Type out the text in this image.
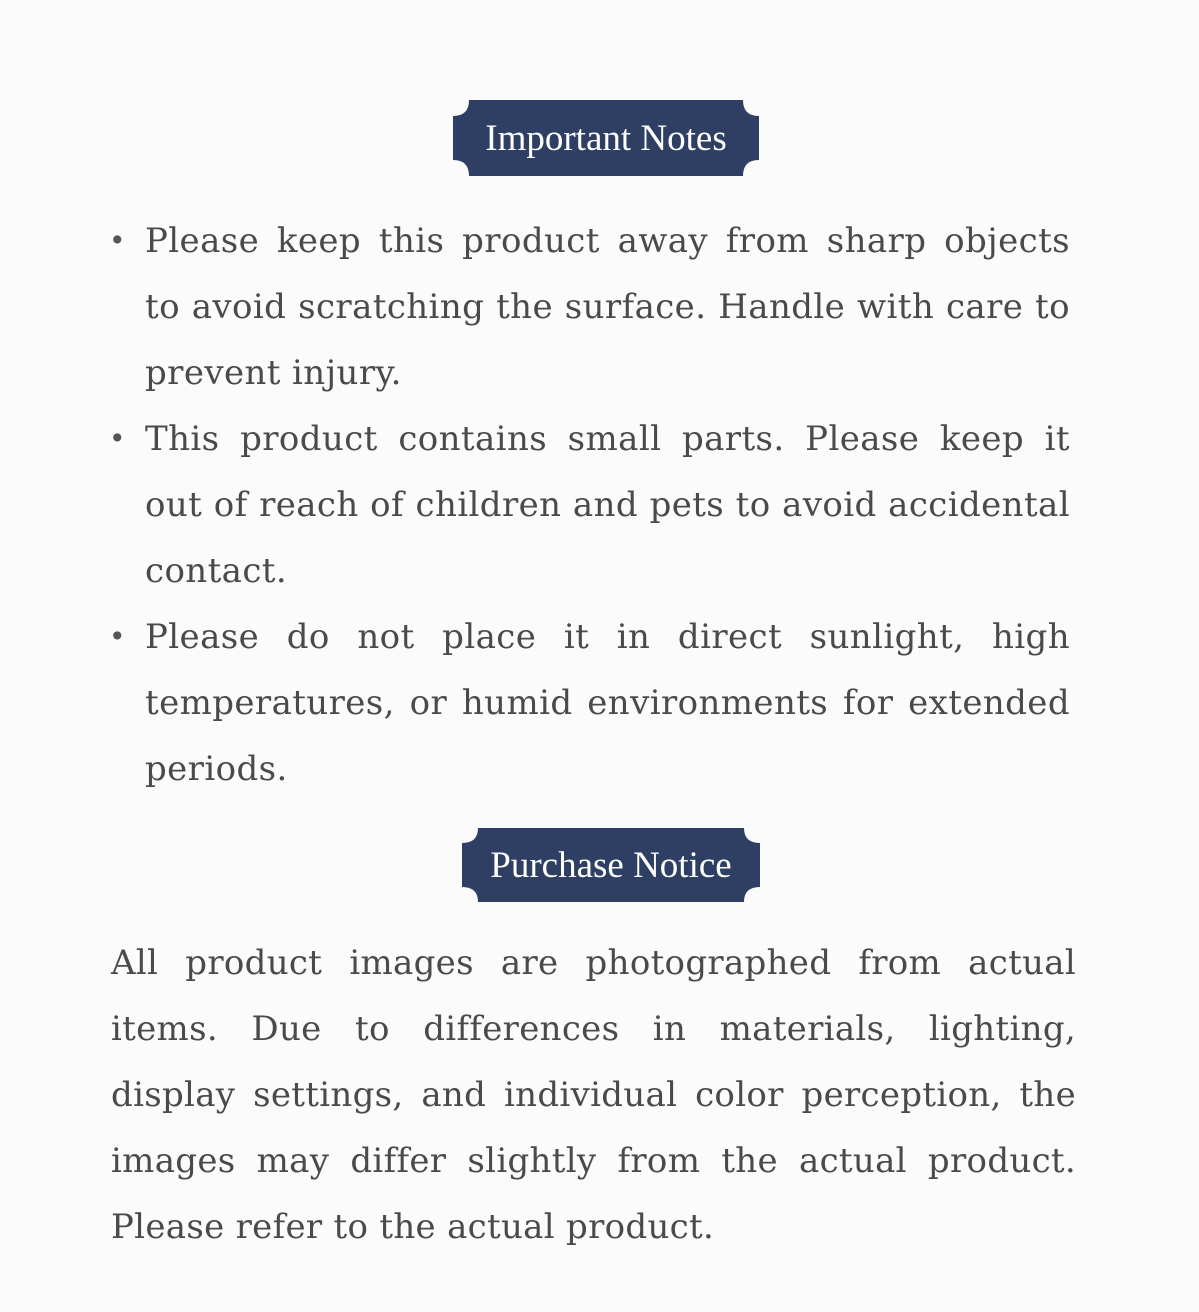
Important Notes
• Please keep this product away from sharp objects to avoid scratching the surface. Handle with care to prevent injury.
• This product contains small parts. Please keep it out of reach of children and pets to avoid accidental contact.
• Please do not place it in direct sunlight, high temperatures, or humid environments for extended periods.
Purchase Notice

All product images are photographed from actual items. Due to differences in materials, lighting, display settings, and individual color perception, the images may differ slightly from the actual product. Please refer to the actual product.
